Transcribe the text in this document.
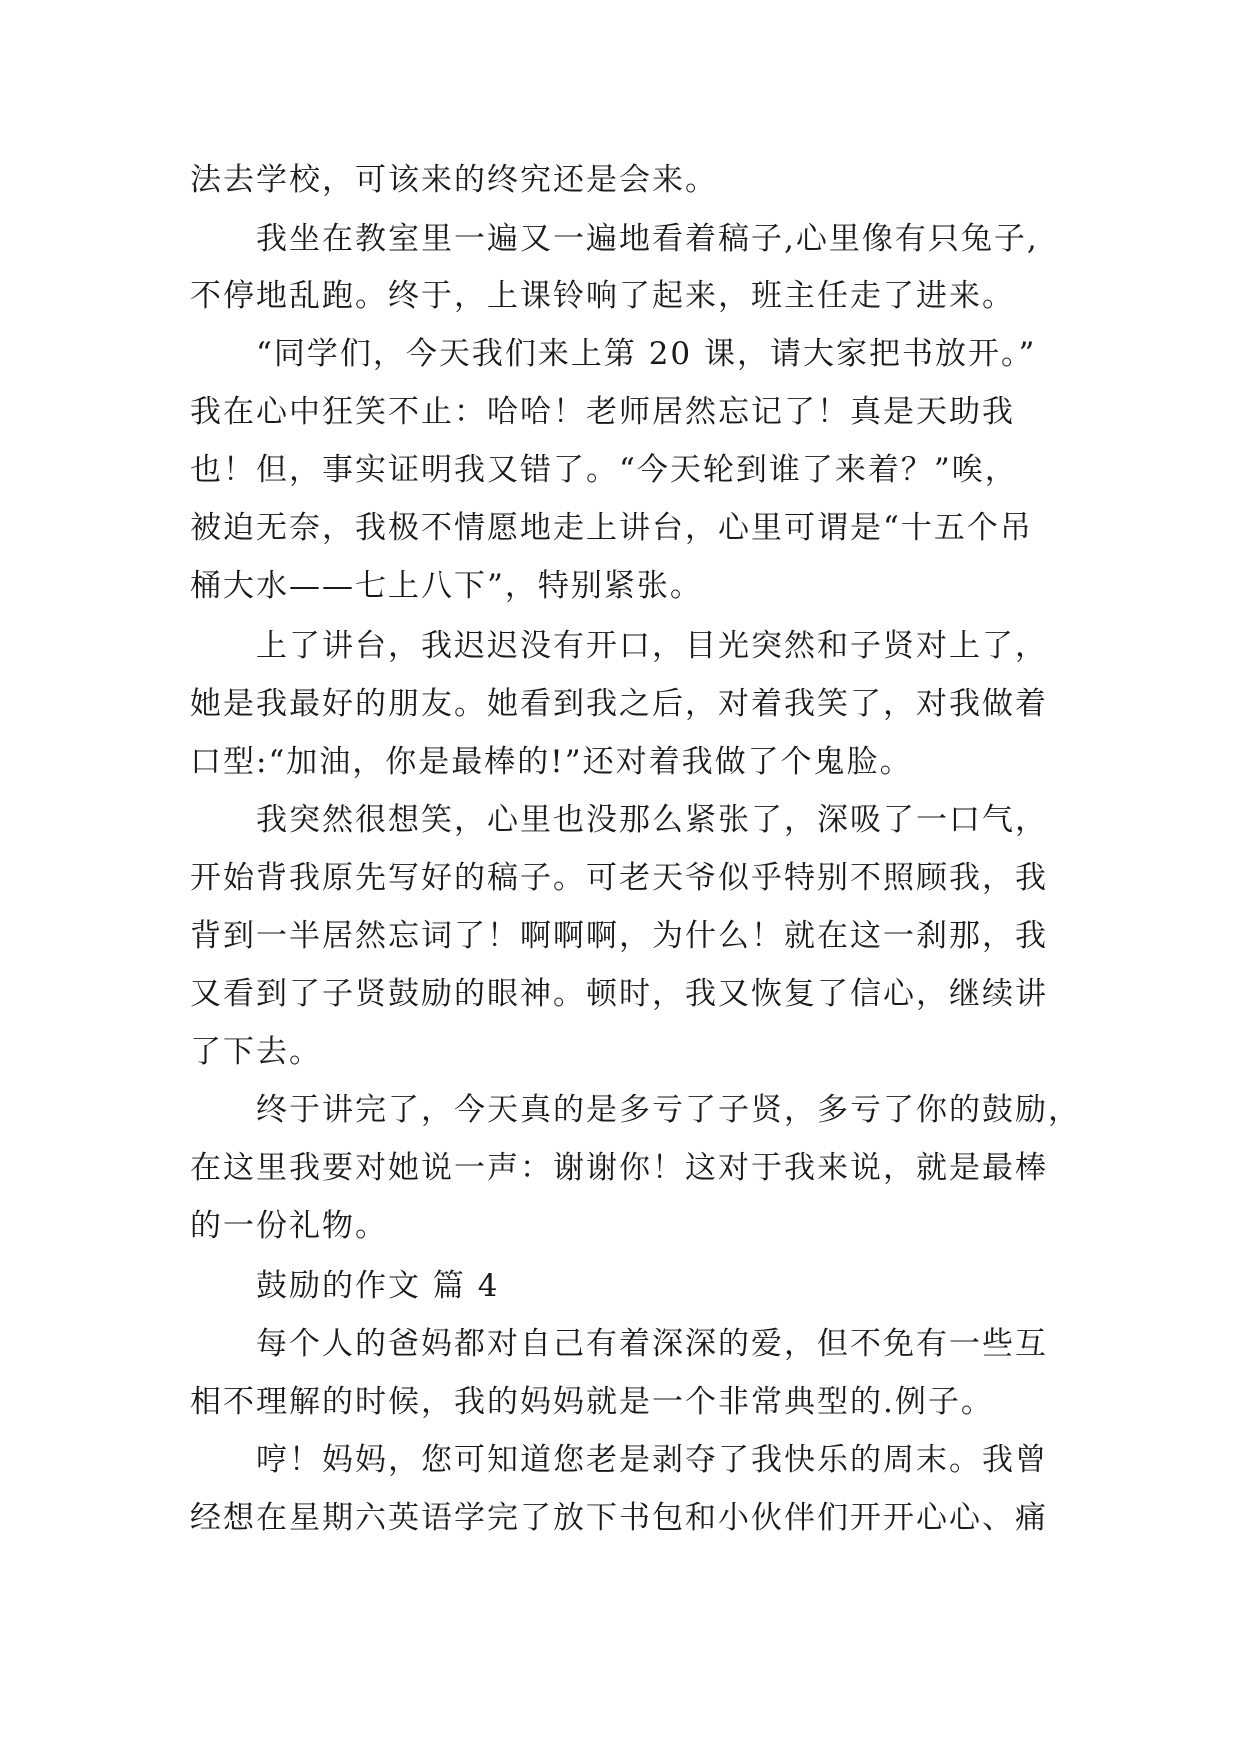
法去学校，可该来的终究还是会来。
我坐在教室里一遍又一遍地看着稿子,心里像有只兔子,
不停地乱跑。终于，上课铃响了起来，班主任走了进来。
“同学们，今天我们来上第 20 课，请大家把书放开。”
我在心中狂笑不止：哈哈！老师居然忘记了！真是天助我
也！但，事实证明我又错了。“今天轮到谁了来着？”唉，
被迫无奈，我极不情愿地走上讲台，心里可谓是“十五个吊
桶大水——七上八下”，特别紧张。
上了讲台，我迟迟没有开口，目光突然和子贤对上了，
她是我最好的朋友。她看到我之后，对着我笑了，对我做着
口型:“加油，你是最棒的!”还对着我做了个鬼脸。
我突然很想笑，心里也没那么紧张了，深吸了一口气，
开始背我原先写好的稿子。可老天爷似乎特别不照顾我，我
背到一半居然忘词了！啊啊啊，为什么！就在这一刹那，我
又看到了子贤鼓励的眼神。顿时，我又恢复了信心，继续讲
了下去。
终于讲完了，今天真的是多亏了子贤，多亏了你的鼓励，
在这里我要对她说一声：谢谢你！这对于我来说，就是最棒
的一份礼物。
鼓励的作文 篇 4
每个人的爸妈都对自己有着深深的爱，但不免有一些互
相不理解的时候，我的妈妈就是一个非常典型的.例子。
哼！妈妈，您可知道您老是剥夺了我快乐的周末。我曾
经想在星期六英语学完了放下书包和小伙伴们开开心心、痛
